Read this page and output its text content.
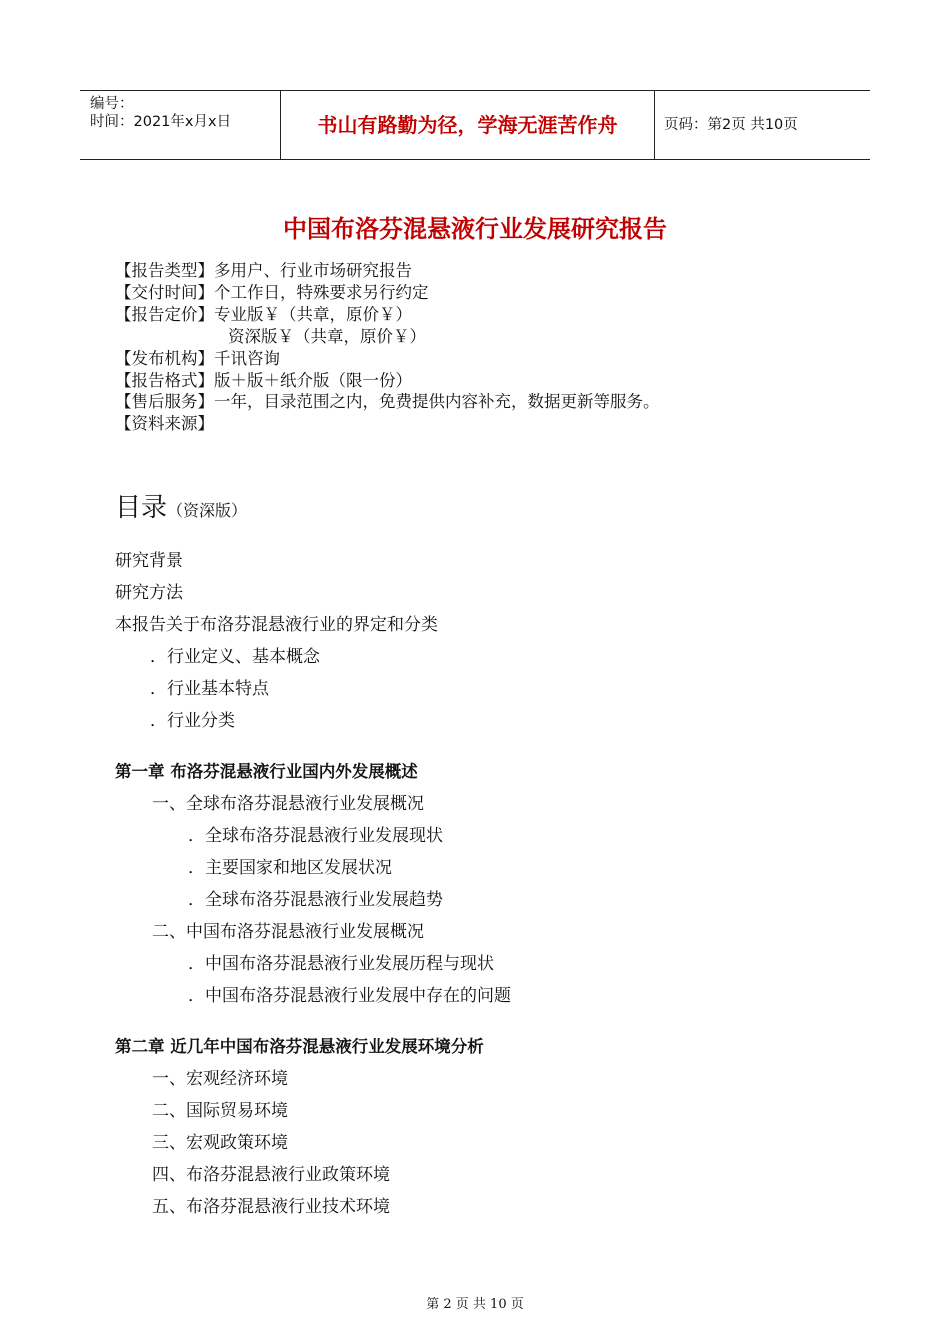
编号：
时间：2021年x月x日	书山有路勤为径，学海无涯苦作舟	页码：第2页 共10页
中国布洛芬混悬液行业发展研究报告
【报告类型】多用户、行业市场研究报告
【交付时间】个工作日，特殊要求另行约定
【报告定价】专业版￥（共章，原价￥）
资深版￥（共章，原价￥）
【发布机构】千讯咨询
【报告格式】版＋版＋纸介版（限一份）
【售后服务】一年，目录范围之内，免费提供内容补充，数据更新等服务。
【资料来源】
目录（资深版）
研究背景
研究方法
本报告关于布洛芬混悬液行业的界定和分类
．行业定义、基本概念
．行业基本特点
．行业分类
第一章 布洛芬混悬液行业国内外发展概述
一、全球布洛芬混悬液行业发展概况
．全球布洛芬混悬液行业发展现状
．主要国家和地区发展状况
．全球布洛芬混悬液行业发展趋势
二、中国布洛芬混悬液行业发展概况
．中国布洛芬混悬液行业发展历程与现状
．中国布洛芬混悬液行业发展中存在的问题
第二章 近几年中国布洛芬混悬液行业发展环境分析
一、宏观经济环境
二、国际贸易环境
三、宏观政策环境
四、布洛芬混悬液行业政策环境
五、布洛芬混悬液行业技术环境
第 2 页 共 10 页
